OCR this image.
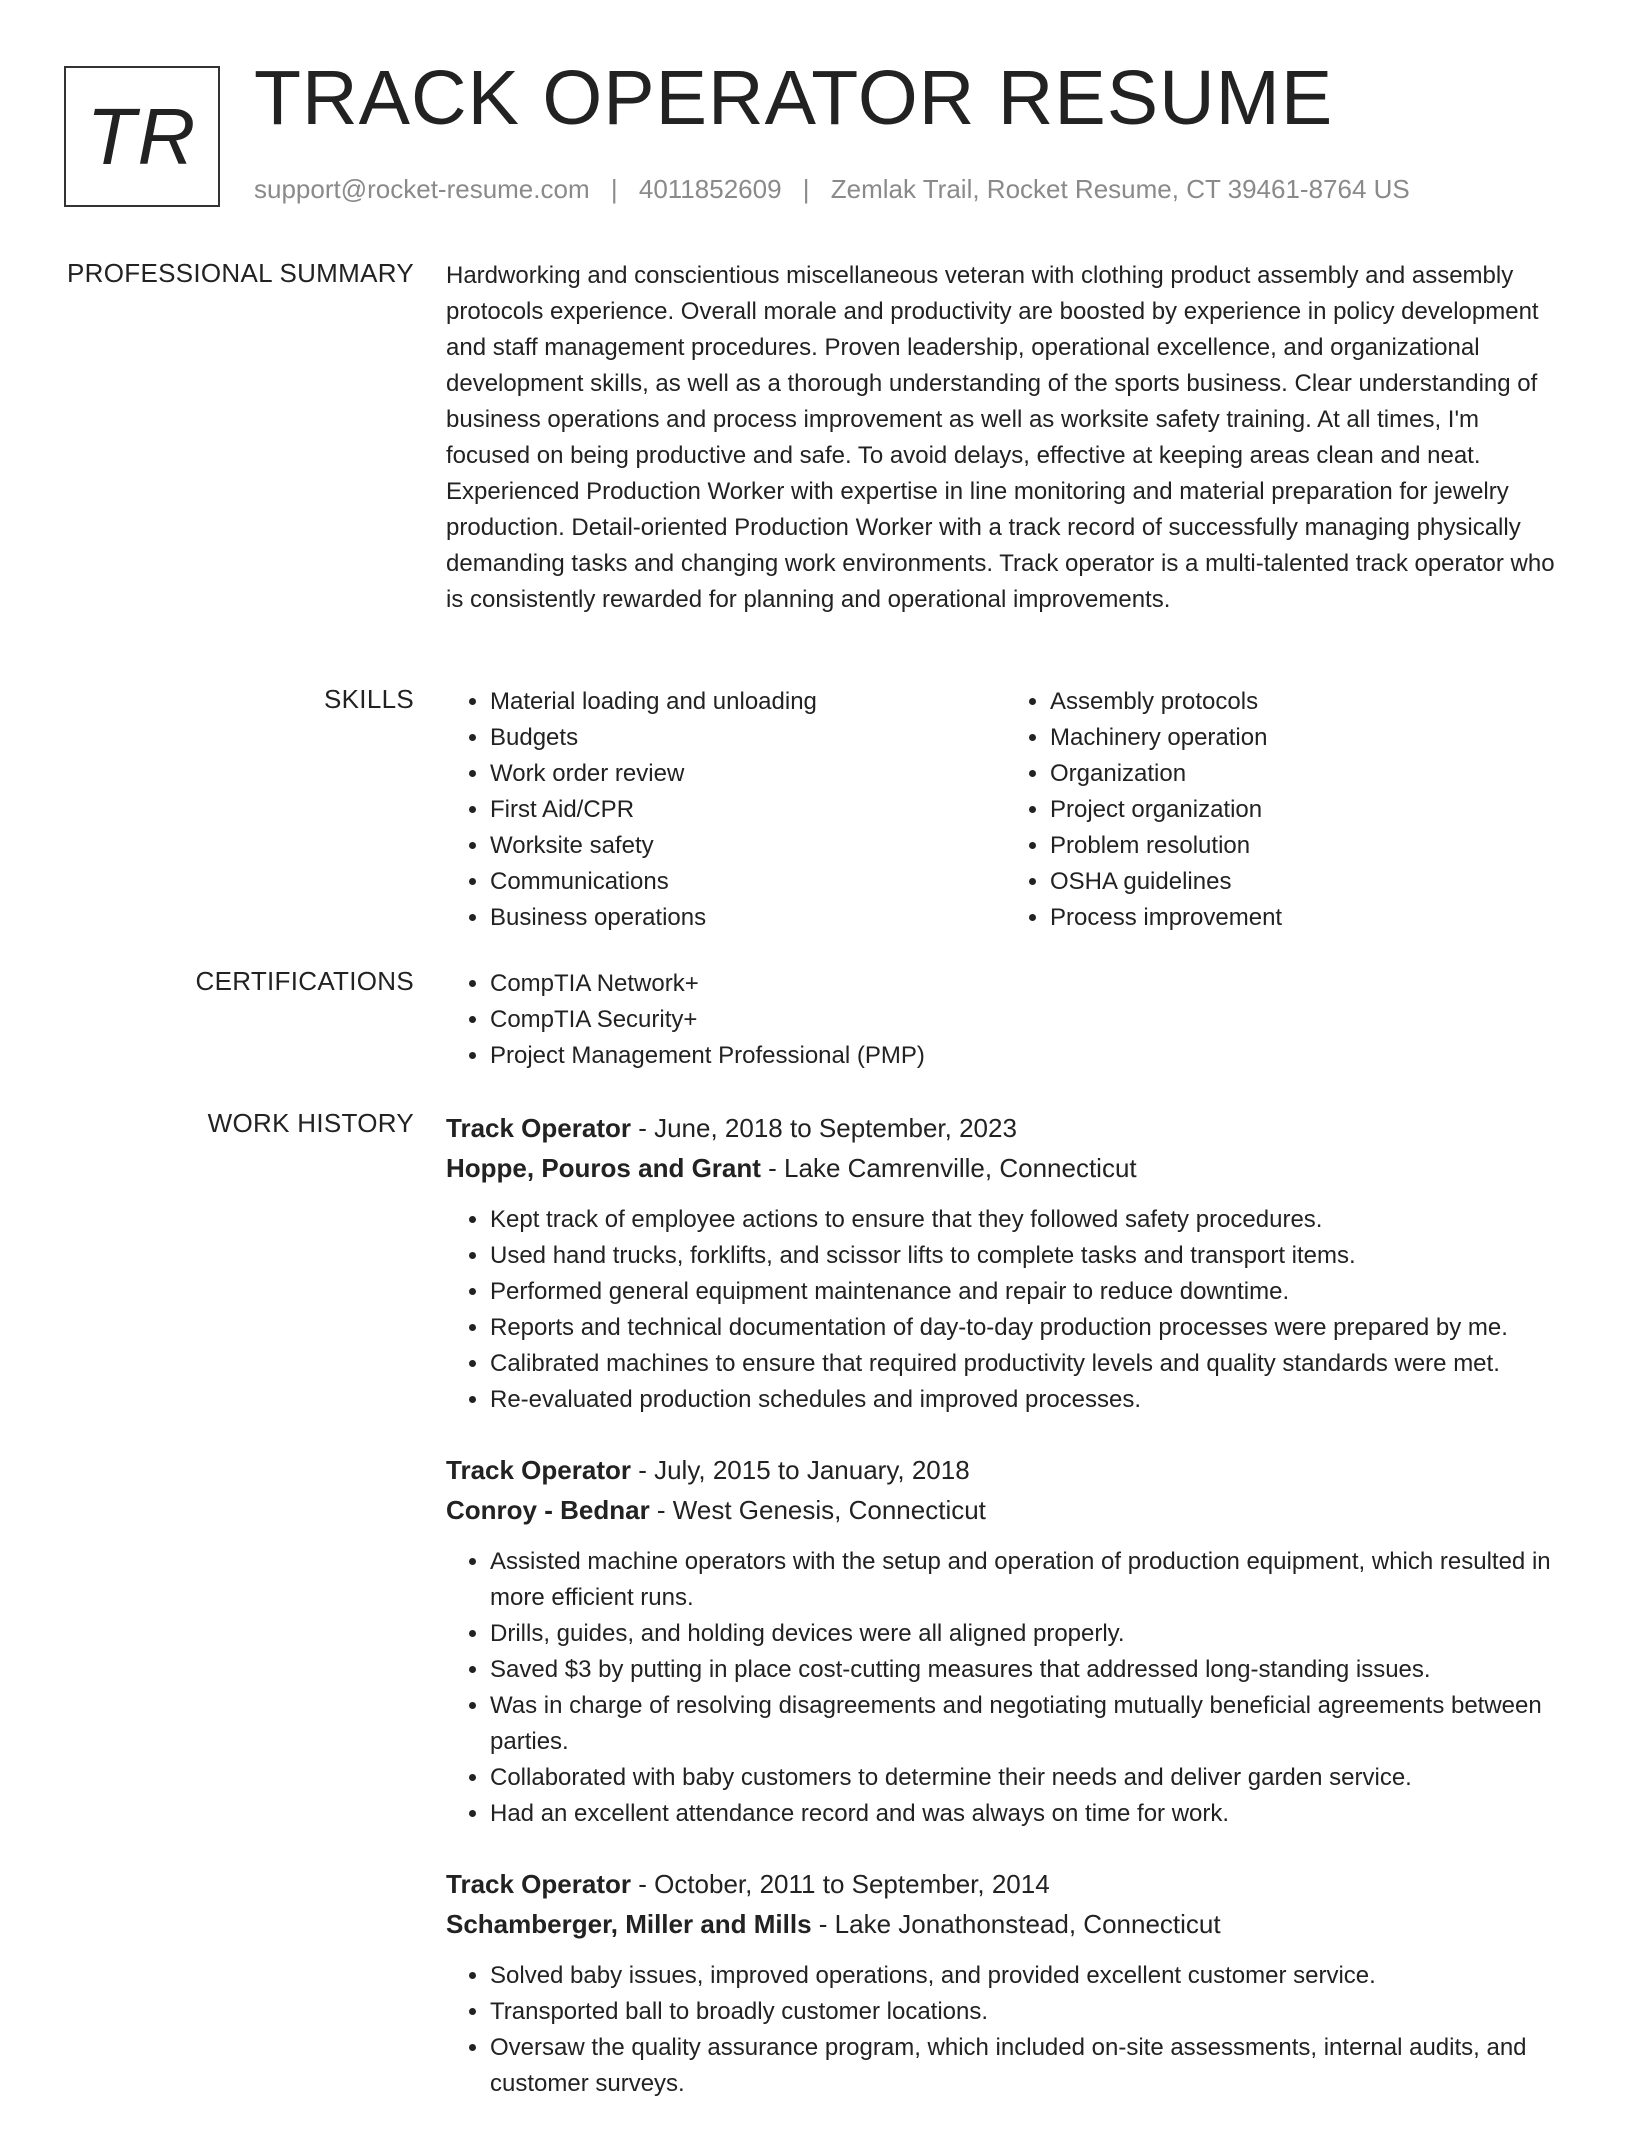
TR TRACK OPERATOR RESUME
support@rocket-resume.com | 4011852609 | Zemlak Trail, Rocket Resume, CT 39461-8764 US
PROFESSIONAL SUMMARY Hardworking and conscientious miscellaneous veteran with clothing product assembly and assembly protocols experience. Overall morale and productivity are boosted by experience in policy development and staff management procedures. Proven leadership, operational excellence, and organizational development skills, as well as a thorough understanding of the sports business. Clear understanding of business operations and process improvement as well as worksite safety training. At all times, I'm focused on being productive and safe. To avoid delays, effective at keeping areas clean and neat. Experienced Production Worker with expertise in line monitoring and material preparation for jewelry production. Detail-oriented Production Worker with a track record of successfully managing physically demanding tasks and changing work environments. Track operator is a multi-talented track operator who is consistently rewarded for planning and operational improvements.

SKILLS	• Material loading and unloading
• Budgets
• Work order review
• First Aid/CPR
• Worksite safety
• Communications
• Business operations
• Assembly protocols
• Machinery operation
• Organization
• Project organization
• Problem resolution
• OSHA guidelines
• Process improvement
CERTIFICATIONS	• CompTIA Network+
• CompTIA Security+
• Project Management Professional (PMP)
WORK HISTORY Track Operator - June, 2018 to September, 2023
Hoppe, Pouros and Grant - Lake Camrenville, Connecticut
• Kept track of employee actions to ensure that they followed safety procedures.
• Used hand trucks, forklifts, and scissor lifts to complete tasks and transport items.
• Performed general equipment maintenance and repair to reduce downtime.
• Reports and technical documentation of day-to-day production processes were prepared by me.
• Calibrated machines to ensure that required productivity levels and quality standards were met.
• Re-evaluated production schedules and improved processes.
Track Operator - July, 2015 to January, 2018
Conroy - Bednar - West Genesis, Connecticut
• Assisted machine operators with the setup and operation of production equipment, which resulted in more efficient runs.
• Drills, guides, and holding devices were all aligned properly.
• Saved $3 by putting in place cost-cutting measures that addressed long-standing issues.
• Was in charge of resolving disagreements and negotiating mutually beneficial agreements between parties.
• Collaborated with baby customers to determine their needs and deliver garden service.
• Had an excellent attendance record and was always on time for work.
Track Operator - October, 2011 to September, 2014
Schamberger, Miller and Mills - Lake Jonathonstead, Connecticut
• Solved baby issues, improved operations, and provided excellent customer service.
• Transported ball to broadly customer locations.
• Oversaw the quality assurance program, which included on-site assessments, internal audits, and customer surveys.
